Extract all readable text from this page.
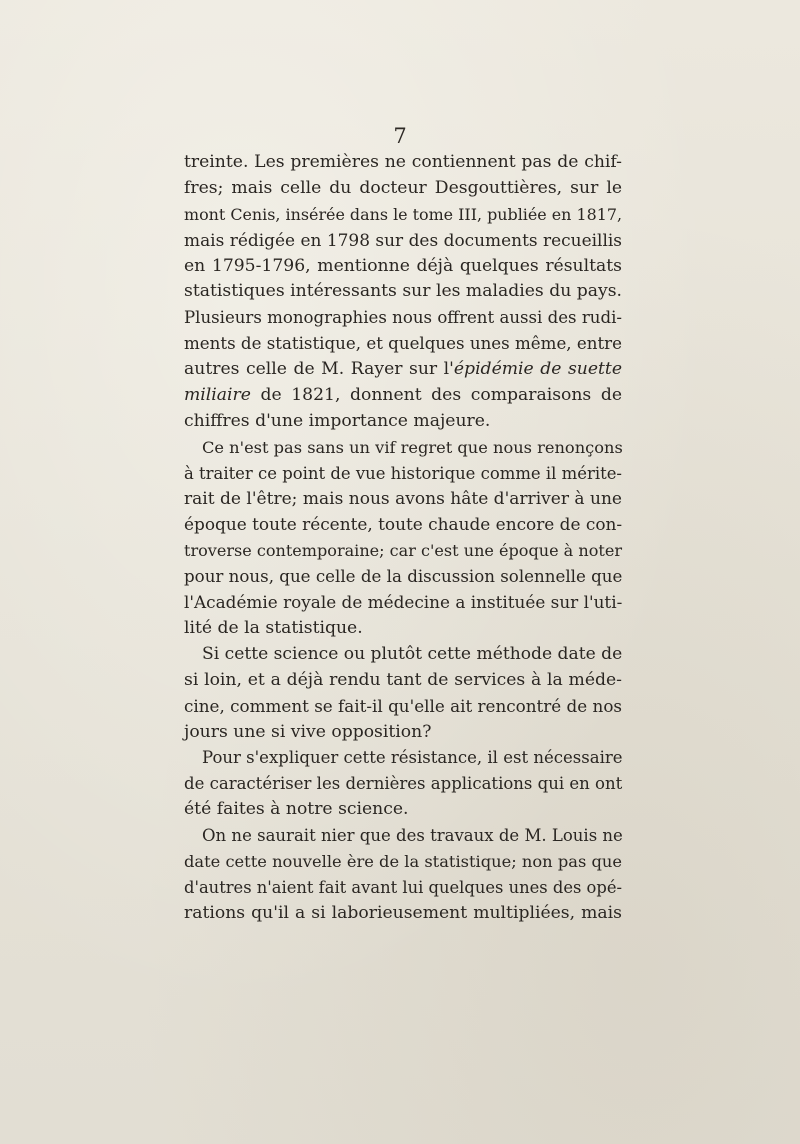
7
treinte. Les premières ne contiennent pas de chif-
fres; mais celle du docteur Desgouttières, sur le
mont Cenis, insérée dans le tome III, publiée en 1817,
mais rédigée en 1798 sur des documents recueillis
en 1795-1796, mentionne déjà quelques résultats
statistiques intéressants sur les maladies du pays.
Plusieurs monographies nous offrent aussi des rudi-
ments de statistique, et quelques unes même, entre
autres celle de M. Rayer sur l'épidémie de suette
miliaire de 1821, donnent des comparaisons de
chiffres d'une importance majeure.
Ce n'est pas sans un vif regret que nous renonçons
à traiter ce point de vue historique comme il mérite-
rait de l'être; mais nous avons hâte d'arriver à une
époque toute récente, toute chaude encore de con-
troverse contemporaine; car c'est une époque à noter
pour nous, que celle de la discussion solennelle que
l'Académie royale de médecine a instituée sur l'uti-
lité de la statistique.
Si cette science ou plutôt cette méthode date de
si loin, et a déjà rendu tant de services à la méde-
cine, comment se fait-il qu'elle ait rencontré de nos
jours une si vive opposition?
Pour s'expliquer cette résistance, il est nécessaire
de caractériser les dernières applications qui en ont
été faites à notre science.
On ne saurait nier que des travaux de M. Louis ne
date cette nouvelle ère de la statistique; non pas que
d'autres n'aient fait avant lui quelques unes des opé-
rations qu'il a si laborieusement multipliées, mais
